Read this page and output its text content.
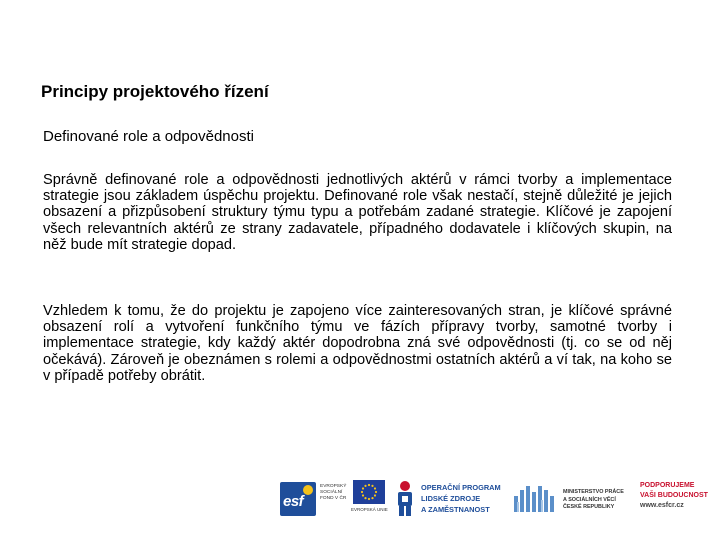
Principy projektového řízení
Definované role a odpovědnosti

Správně definované role a odpovědnosti jednotlivých aktérů v rámci tvorby a implementace strategie jsou základem úspěchu projektu. Definované role však nestačí, stejně důležité je jejich obsazení a přizpůsobení struktury týmu typu a potřebám zadané strategie. Klíčové je zapojení všech relevantních aktérů ze strany zadavatele, případného dodavatele i klíčových skupin, na něž bude mít strategie dopad.

Vzhledem k tomu, že do projektu je zapojeno více zainteresovaných stran, je klíčové správné obsazení rolí a vytvoření funkčního týmu ve fázích přípravy tvorby, samotné tvorby i implementace strategie, kdy každý aktér dopodrobna zná své odpovědnosti (tj. co se od něj očekává). Zároveň je obeznámen s rolemi a odpovědnostmi ostatních aktérů a ví tak, na koho se v případě potřeby obrátit.

esf
EVROPSKÝ
SOCIÁLNÍ
FOND V ČR
EVROPSKÁ UNIE
OPERAČNÍ PROGRAM
LIDSKÉ ZDROJE
A ZAMĚSTNANOST
MINISTERSTVO PRÁCE
A SOCIÁLNÍCH VĚCÍ
ČESKÉ REPUBLIKY
PODPORUJEME
VAŠI BUDOUCNOST
www.esfcr.cz
